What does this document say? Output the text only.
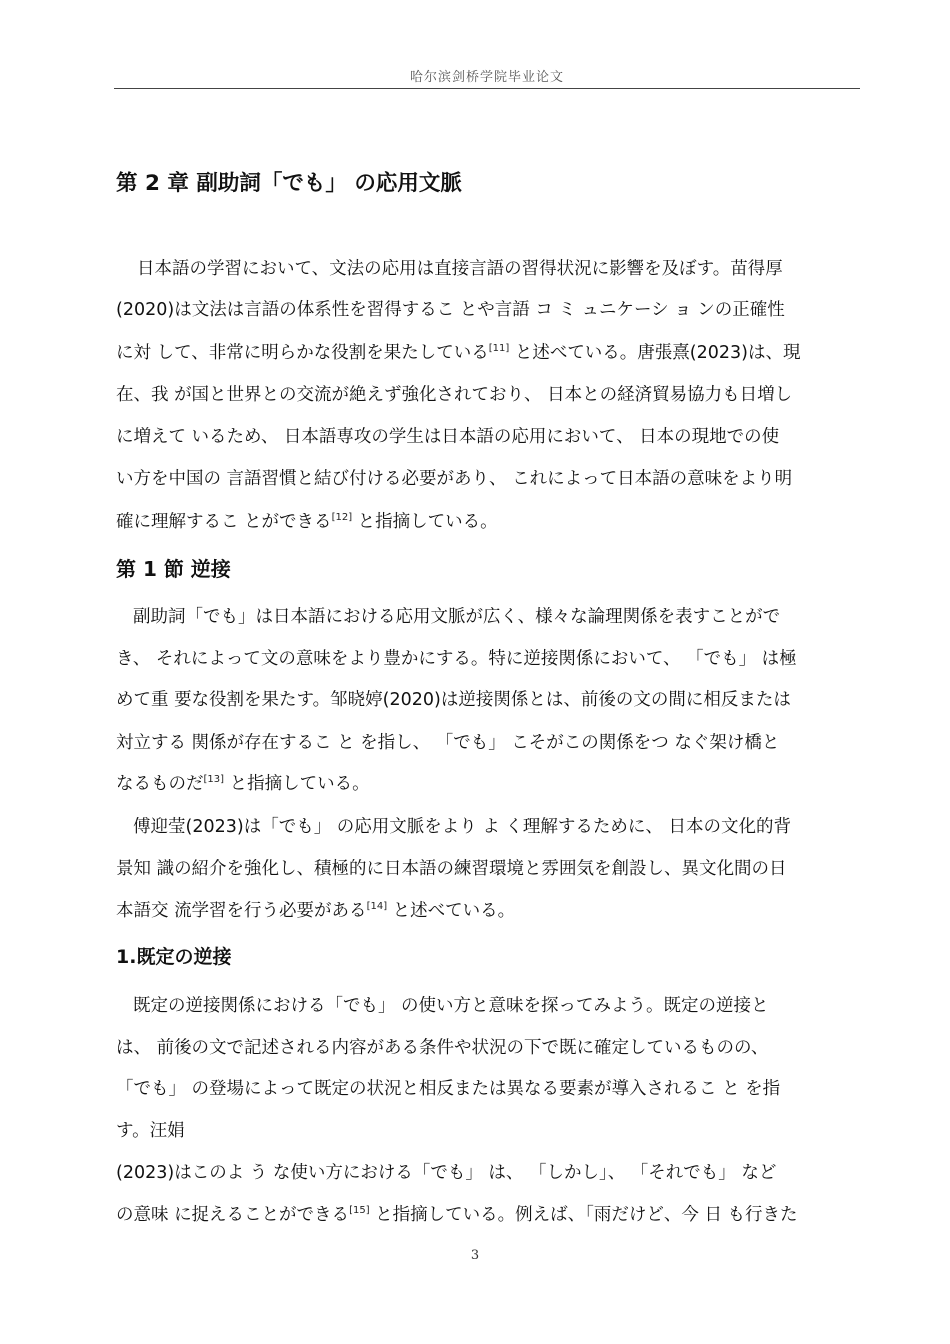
哈尔滨剑桥学院毕业论文
第 2 章 副助詞「でも」 の応用文脈
日本語の学習において、文法の応用は直接言語の習得状況に影響を及ぼす。苗得厚
(2020)は文法は言語の体系性を習得するこ とや言語 コ ミ ュニケーシ ョ ンの正確性
に対 して、非常に明らかな役割を果たしている[11] と述べている。唐張熹(2023)は、現
在、我 が国と世界との交流が絶えず強化されており、 日本との経済貿易協力も日増し
に増えて いるため、 日本語専攻の学生は日本語の応用において、 日本の現地での使
い方を中国の 言語習慣と結び付ける必要があり、 これによって日本語の意味をより明
確に理解するこ とができる[12] と指摘している。
第 1 節 逆接
副助詞「でも」は日本語における応用文脈が広く、様々な論理関係を表すことがで
き、 それによって文の意味をより豊かにする。特に逆接関係において、 「でも」 は極
めて重 要な役割を果たす。邹晓婷(2020)は逆接関係とは、前後の文の間に相反または
対立する 関係が存在するこ と を指し、 「でも」 こそがこの関係をつ なぐ架け橋と
なるものだ[13] と指摘している。
傅迎莹(2023)は「でも」 の応用文脈をより よ く理解するために、 日本の文化的背
景知 識の紹介を強化し、積極的に日本語の練習環境と雰囲気を創設し、異文化間の日
本語交 流学習を行う必要がある[14] と述べている。
1.既定の逆接
既定の逆接関係における「でも」 の使い方と意味を探ってみよう。既定の逆接と
は、 前後の文で記述される内容がある条件や状況の下で既に確定しているものの、
「でも」 の登場によって既定の状況と相反または異なる要素が導入されるこ と を指
す。汪娟
(2023)はこのよ う な使い方における「でも」 は、 「しかし」、 「それでも」 など
の意味 に捉えることができる[15] と指摘している。例えば、「雨だけど、今 日 も行きた
3
